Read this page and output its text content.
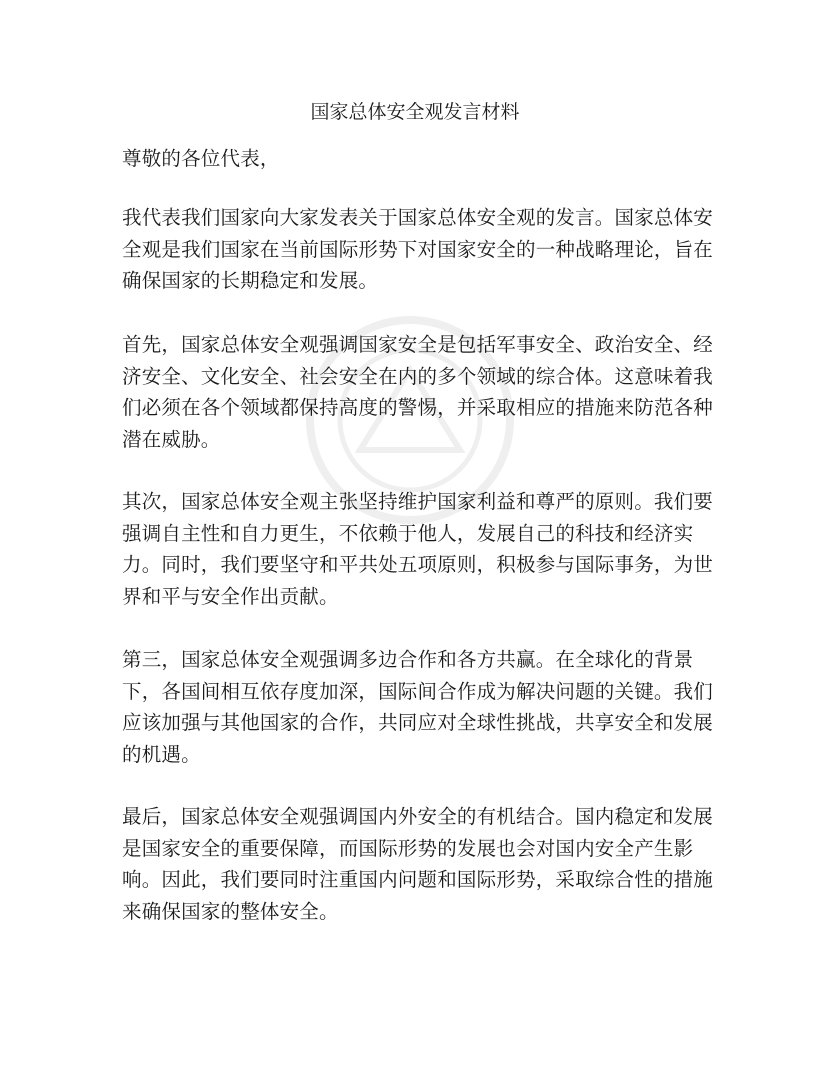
国家总体安全观发言材料

尊敬的各位代表，

我代表我们国家向大家发表关于国家总体安全观的发言。国家总体安全观是我们国家在当前国际形势下对国家安全的一种战略理论，旨在确保国家的长期稳定和发展。

首先，国家总体安全观强调国家安全是包括军事安全、政治安全、经济安全、文化安全、社会安全在内的多个领域的综合体。这意味着我们必须在各个领域都保持高度的警惕，并采取相应的措施来防范各种潜在威胁。

其次，国家总体安全观主张坚持维护国家利益和尊严的原则。我们要强调自主性和自力更生，不依赖于他人，发展自己的科技和经济实力。同时，我们要坚守和平共处五项原则，积极参与国际事务，为世界和平与安全作出贡献。

第三，国家总体安全观强调多边合作和各方共赢。在全球化的背景下，各国间相互依存度加深，国际间合作成为解决问题的关键。我们应该加强与其他国家的合作，共同应对全球性挑战，共享安全和发展的机遇。

最后，国家总体安全观强调国内外安全的有机结合。国内稳定和发展是国家安全的重要保障，而国际形势的发展也会对国内安全产生影响。因此，我们要同时注重国内问题和国际形势，采取综合性的措施来确保国家的整体安全。
